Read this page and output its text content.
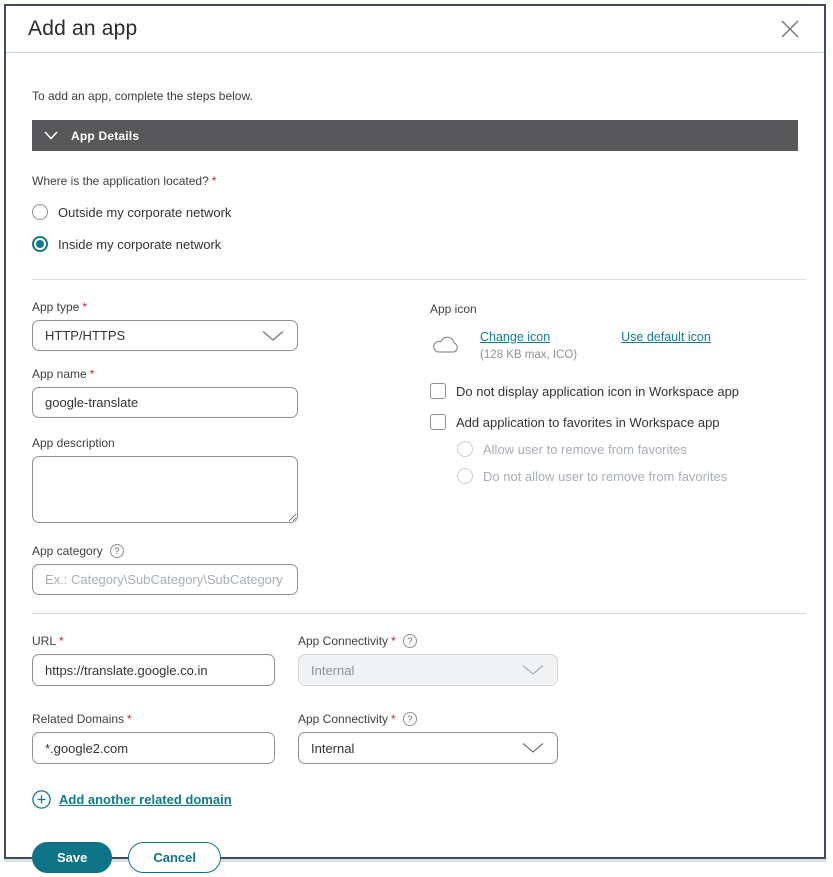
Add an app

To add an app, complete the steps below.

App Details
Where is the application located? *
Outside my corporate network
Inside my corporate network
App type *
HTTP/HTTPS
App name *
google-translate
App description
App category
?
Ex.: Category\SubCategory\SubCategory
App icon
Change icon
(128 KB max, ICO)
Use default icon
Do not display application icon in Workspace app
Add application to favorites in Workspace app
Allow user to remove from favorites
Do not allow user to remove from favorites
URL *
https://translate.google.co.in	App Connectivity *
?
Internal
Related Domains *
*.google2.com	App Connectivity *
?
Internal
Add another related domain
Save	Cancel
